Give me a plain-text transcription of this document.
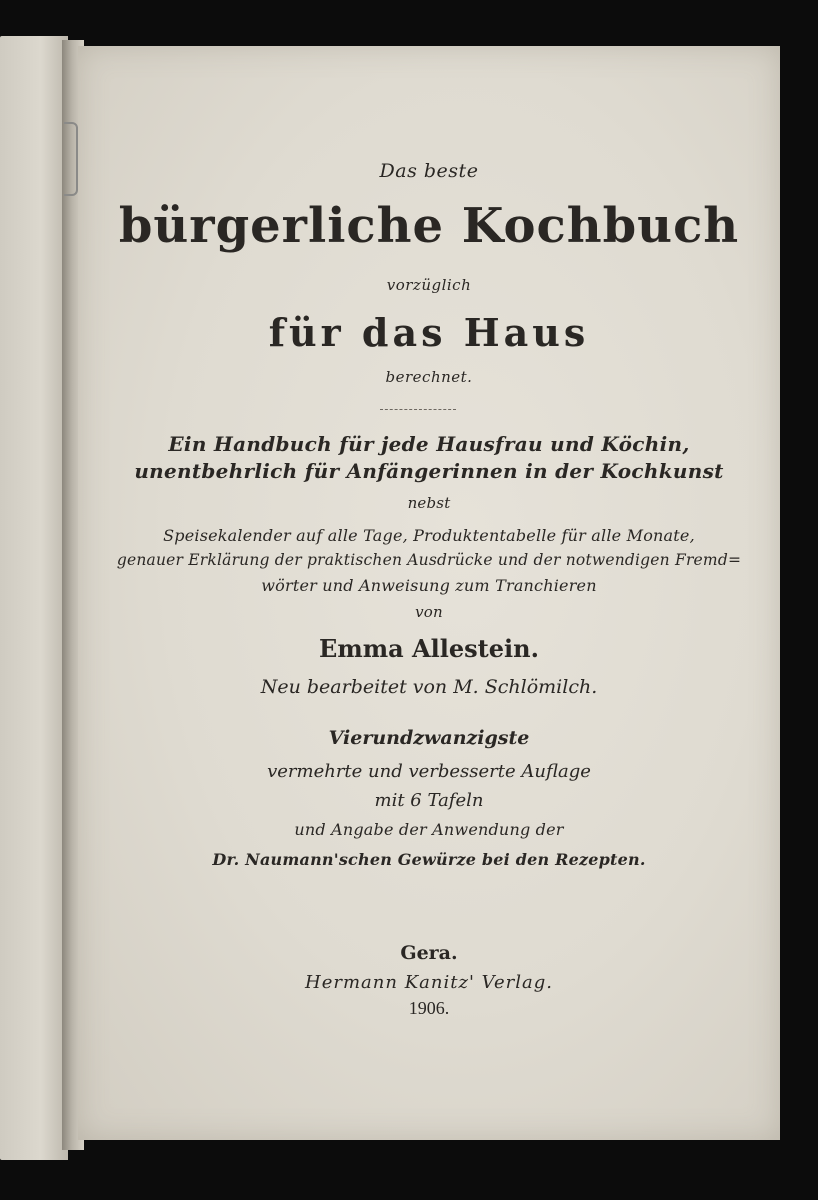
Das beste
bürgerliche Kochbuch
vorzüglich
für das Haus
berechnet.
Ein Handbuch für jede Hausfrau und Köchin,
unentbehrlich für Anfängerinnen in der Kochkunst
nebst
Speisekalender auf alle Tage, Produktentabelle für alle Monate,
genauer Erklärung der praktischen Ausdrücke und der notwendigen Fremd=
wörter und Anweisung zum Tranchieren
von
Emma Allestein.
Neu bearbeitet von M. Schlömilch.
Vierundzwanzigste
vermehrte und verbesserte Auflage
mit 6 Tafeln
und Angabe der Anwendung der
Dr. Naumann'schen Gewürze bei den Rezepten.
Gera.
Hermann Kanitz' Verlag.
1906.
